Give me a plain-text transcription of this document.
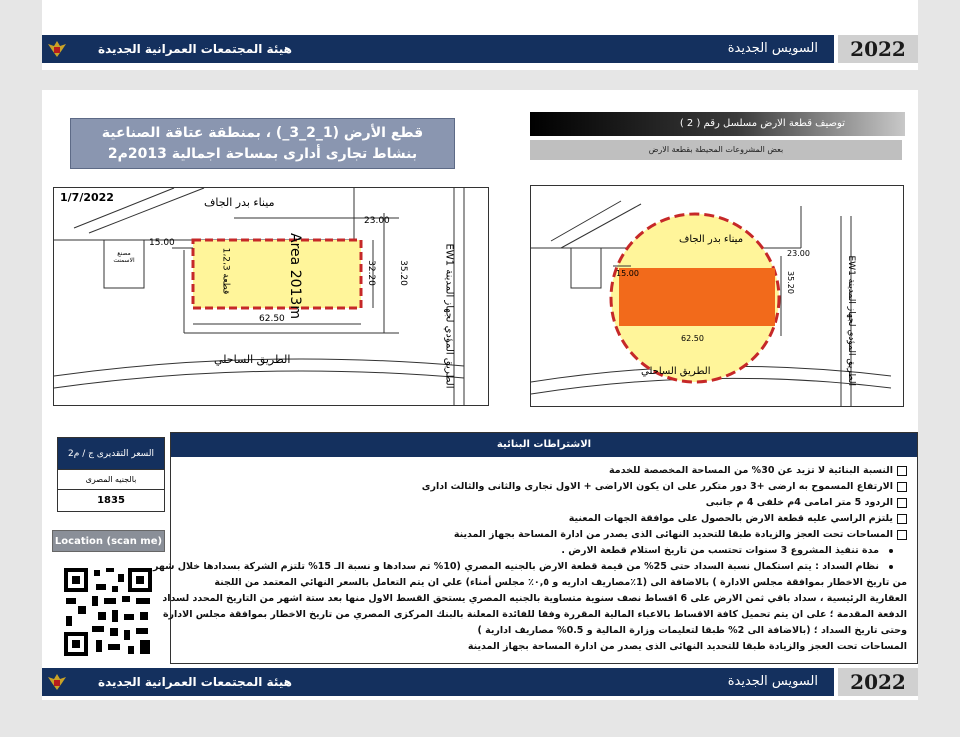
هيئة المجتمعات العمرانية الجديدة	السويس الجديدة	2022
هيئة المجتمعات العمرانية الجديدة	السويس الجديدة	2022
قطع الأرض (1_2_3_) ، بمنطقة عتاقة الصناعية
بنشاط تجارى أدارى بمساحة اجمالية 2013م2
توصيف قطعة الارض مسلسل رقم ( 2 )
بعض المشروعات المحيطة بقطعة الارض
1/7/2022	ميناء بدر الجاف
الطريق الساحلي
مصنع الاسمنت
15.00
23.00
35.20
32.20
62.50
Area 2013m
قطعة 1،2،3
الطريق المؤدي لجهاز المدينة EW1
ميناء بدر الجاف
الطريق الساحلي
15.00
23.00
35.20
62.50
الطريق المؤدي لجهاز المدينة EW1
السعر التقديرى ج / م2
بالجنيه المصرى
1835
Location (scan me)
الاشتراطات البنائية
النسبة البنائية لا تزيد عن 30% من المساحة المخصصة للخدمة
الارتفاع المسموح به ارضى +3 دور متكرر على ان يكون الاراضى + الاول تجارى والثانى والثالث ادارى
الردود 5 متر امامى 4م خلفى 4 م جانبى
يلتزم الراسي عليه قطعة الارض بالحصول على موافقة الجهات المعنية
المساحات تحت العجز والزيادة طبقا للتحديد النهائى الذى يصدر من ادارة المساحة بجهاز المدينة
مدة تنفيذ المشروع 3 سنوات تحتسب من تاريخ استلام قطعة الارض .
نظام السداد : يتم استكمال نسبة السداد حتى 25% من قيمة قطعة الارض بالجنيه المصري (10% تم سدادها و نسبة الـ 15% تلتزم الشركة بسدادها خلال شهر
من تاريخ الاخطار بموافقة مجلس الادارة ) بالاضافة الى (1٪مصاريف اداريه و ٠,٥٪ مجلس أمناء) علي ان يتم التعامل بالسعر النهائي المعتمد من اللجنة
العقارية الرئيسية ، سداد باقي ثمن الارض على 6 اقساط نصف سنوية متساوية بالجنيه المصري يستحق القسط الاول منها بعد ستة اشهر من التاريخ المحدد لسداد
الدفعة المقدمة ؛ على ان يتم تحميل كافة الاقساط بالاعباء المالية المقررة وفقا للفائدة المعلنة بالبنك المركزى المصري من تاريخ الاخطار بموافقة مجلس الادارة
وحتى تاريخ السداد ؛ (بالاضافة الى 2% طبقا لتعليمات وزارة المالية و 0.5% مصاريف ادارية )
المساحات تحت العجز والزيادة طبقا للتحديد النهائى الذى يصدر من ادارة المساحة بجهاز المدينة
